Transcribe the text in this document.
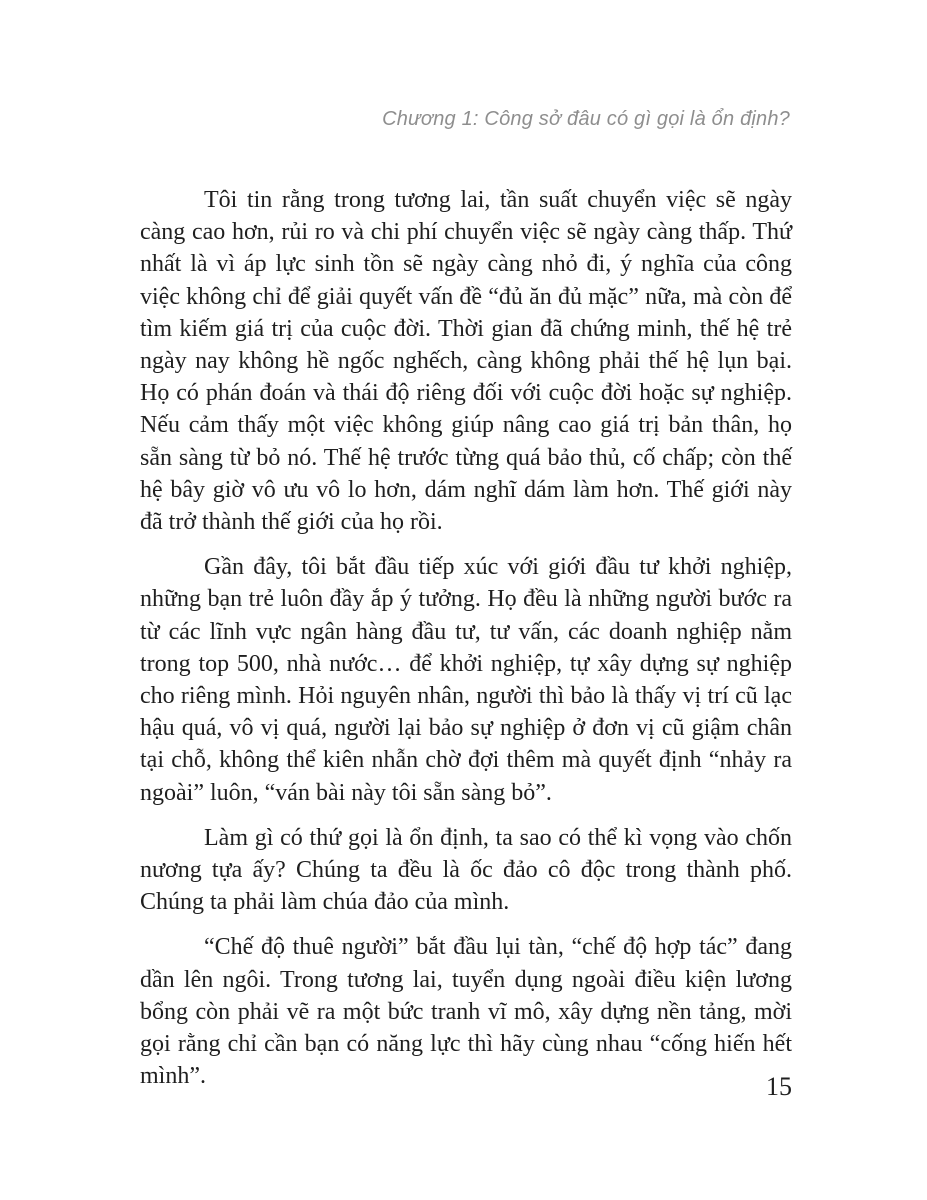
Chương 1: Công sở đâu có gì gọi là ổn định?

Tôi tin rằng trong tương lai, tần suất chuyển việc sẽ ngày càng cao hơn, rủi ro và chi phí chuyển việc sẽ ngày càng thấp. Thứ nhất là vì áp lực sinh tồn sẽ ngày càng nhỏ đi, ý nghĩa của công việc không chỉ để giải quyết vấn đề “đủ ăn đủ mặc” nữa, mà còn để tìm kiếm giá trị của cuộc đời. Thời gian đã chứng minh, thế hệ trẻ ngày nay không hề ngốc nghếch, càng không phải thế hệ lụn bại. Họ có phán đoán và thái độ riêng đối với cuộc đời hoặc sự nghiệp. Nếu cảm thấy một việc không giúp nâng cao giá trị bản thân, họ sẵn sàng từ bỏ nó. Thế hệ trước từng quá bảo thủ, cố chấp; còn thế hệ bây giờ vô ưu vô lo hơn, dám nghĩ dám làm hơn. Thế giới này đã trở thành thế giới của họ rồi.

Gần đây, tôi bắt đầu tiếp xúc với giới đầu tư khởi nghiệp, những bạn trẻ luôn đầy ắp ý tưởng. Họ đều là những người bước ra từ các lĩnh vực ngân hàng đầu tư, tư vấn, các doanh nghiệp nằm trong top 500, nhà nước… để khởi nghiệp, tự xây dựng sự nghiệp cho riêng mình. Hỏi nguyên nhân, người thì bảo là thấy vị trí cũ lạc hậu quá, vô vị quá, người lại bảo sự nghiệp ở đơn vị cũ giậm chân tại chỗ, không thể kiên nhẫn chờ đợi thêm mà quyết định “nhảy ra ngoài” luôn, “ván bài này tôi sẵn sàng bỏ”.

Làm gì có thứ gọi là ổn định, ta sao có thể kì vọng vào chốn nương tựa ấy? Chúng ta đều là ốc đảo cô độc trong thành phố. Chúng ta phải làm chúa đảo của mình.

“Chế độ thuê người” bắt đầu lụi tàn, “chế độ hợp tác” đang dần lên ngôi. Trong tương lai, tuyển dụng ngoài điều kiện lương bổng còn phải vẽ ra một bức tranh vĩ mô, xây dựng nền tảng, mời gọi rằng chỉ cần bạn có năng lực thì hãy cùng nhau “cống hiến hết mình”.	15
